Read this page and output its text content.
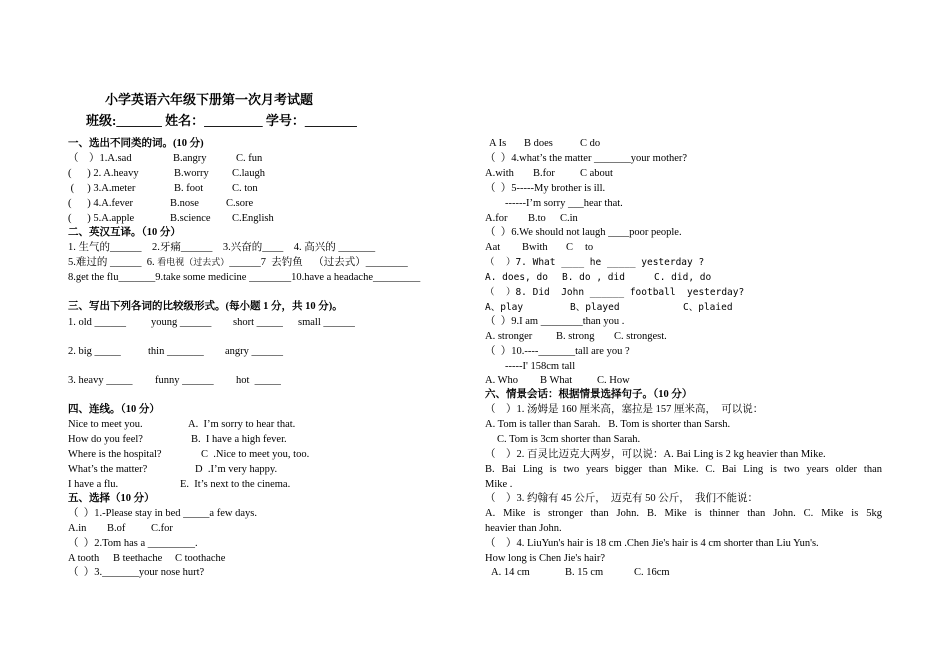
小学英语六年级下册第一次月考试题
班级:_______ 姓名：_________ 学号：________
一、选出不同类的词。(10 分)
（    ）1.A.sad	B.angry	C. fun
(      ) 2. A.heavy	B.worry C.laugh
(     ) 3.A.meter	B. foot	C. ton
(      ) 4.A.fever	B.nose	C.sore
(      ) 5.A.apple	B.science C.English
二、英汉互译。（10 分）
1. 生气的______    2.牙痛______    3.兴奋的____    4. 高兴的 _______
5.难过的 ______  6. 看电视（过去式）______7  去钓鱼    （过去式）________
8.get the flu_______9.take some medicine ________10.have a headache_________
三、写出下列各词的比较级形式。(每小题 1 分，共 10 分)。
1. old ______ young ______ short _____ small ______
2. big _____	thin _______ angry ______
3. heavy _____ funny ______ hot  _____
四、连线。（10 分）
Nice to meet you.	A.  I’m sorry to hear that.
How do you feel?	B.  I have a high fever.
Where is the hospital?	C  .Nice to meet you, too.
What’s the matter?	D  .I’m very happy.
I have a flu.	E.  It’s next to the cinema.
五、选择（10 分）
（  ）1.-Please stay in bed _____a few days.
A.in B.of C.for
（  ）2.Tom has a _________.
A tooth B teethache C toothache
（  ）3._______your nose hurt?
A Is B does	C do
（  ）4.what’s the matter _______your mother?
A.with B.for C about
（  ）5-----My brother is ill.
------I’m sorry ___hear that.
A.for B.to C.in
（  ）6.We should not laugh ____poor people.
Aat Bwith C to
（  ）7. What ____ he _____ yesterday ?
A. does, do B. do , did	C. did, do
（  ）8. Did  John ______ football  yesterday?
A、play	B、played	C、plaied
（  ）9.I am ________than you .
A. stronger B. strong C. strongest.
（  ）10.----_______tall are you ?
-----I' 158cm tall
A. Who B What C. How
六、情景会话：根据情景选择句子。（10 分）
（    ）1. 汤姆是 160 厘米高，塞拉是 157 厘米高，  可以说：
A. Tom is taller than Sarah.   B. Tom is shorter than Sarsh.
C. Tom is 3cm shorter than Sarah.
（    ）2. 百灵比迈克大两岁，可以说：A. Bai Ling is 2 kg heavier than Mike.
B. Bai Ling is two years bigger than Mike. C. Bai Ling is two years older than
Mike .
（    ）3. 约翰有 45 公斤，  迈克有 50 公斤，  我们不能说：
A. Mike is stronger than John. B. Mike is thinner than John. C. Mike is 5kg
heavier than John.
（    ）4. LiuYun's hair is 18 cm .Chen Jie's hair is 4 cm shorter than Liu Yun's.
How long is Chen Jie's hair?
A. 14 cm	B. 15 cm	C. 16cm
